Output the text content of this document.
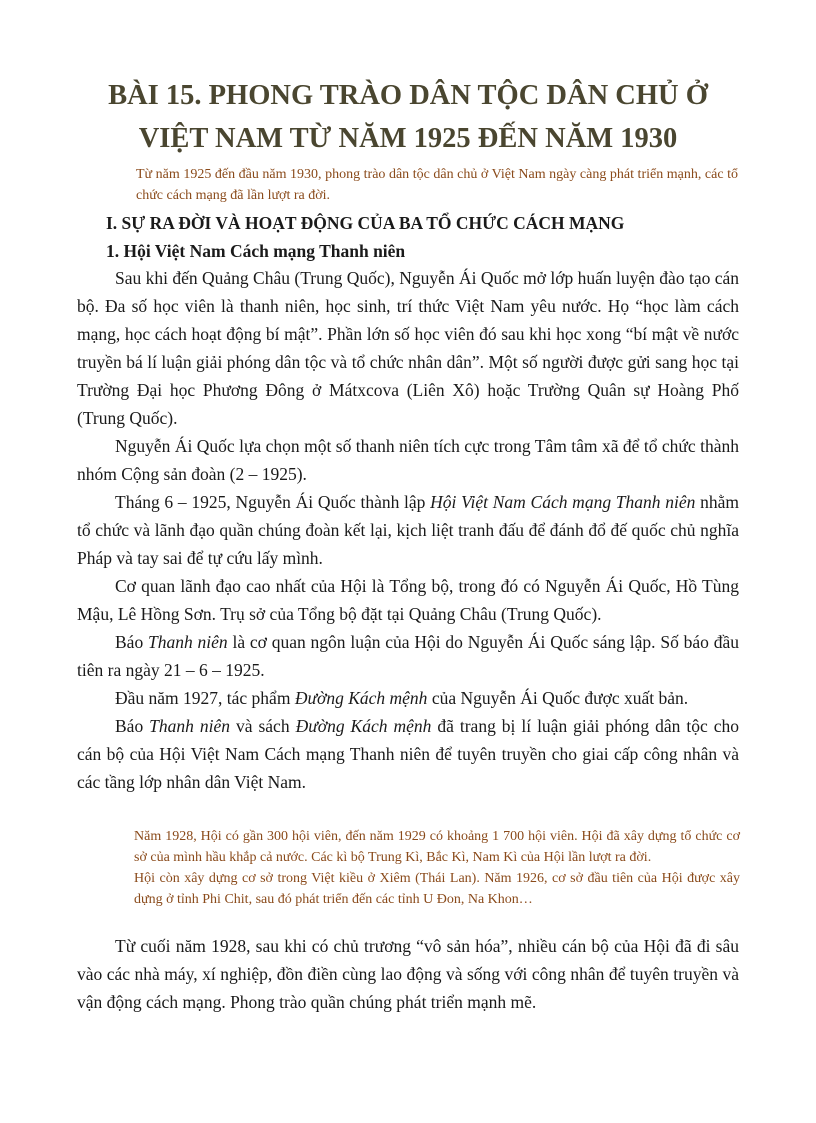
BÀI 15. PHONG TRÀO DÂN TỘC DÂN CHỦ Ở
VIỆT NAM TỪ NĂM 1925 ĐẾN NĂM 1930

Từ năm 1925 đến đầu năm 1930, phong trào dân tộc dân chủ ở Việt Nam ngày càng phát triển mạnh, các tổ chức cách mạng đã lần lượt ra đời.

I. SỰ RA ĐỜI VÀ HOẠT ĐỘNG CỦA BA TỔ CHỨC CÁCH MẠNG
1. Hội Việt Nam Cách mạng Thanh niên

Sau khi đến Quảng Châu (Trung Quốc), Nguyễn Ái Quốc mở lớp huấn luyện đào tạo cán bộ. Đa số học viên là thanh niên, học sinh, trí thức Việt Nam yêu nước. Họ “học làm cách mạng, học cách hoạt động bí mật”. Phần lớn số học viên đó sau khi học xong “bí mật về nước truyền bá lí luận giải phóng dân tộc và tổ chức nhân dân”. Một số người được gửi sang học tại Trường Đại học Phương Đông ở Mátxcova (Liên Xô) hoặc Trường Quân sự Hoàng Phố (Trung Quốc).

Nguyễn Ái Quốc lựa chọn một số thanh niên tích cực trong Tâm tâm xã để tổ chức thành nhóm Cộng sản đoàn (2 – 1925).

Tháng 6 – 1925, Nguyễn Ái Quốc thành lập Hội Việt Nam Cách mạng Thanh niên nhằm tổ chức và lãnh đạo quần chúng đoàn kết lại, kịch liệt tranh đấu để đánh đổ đế quốc chủ nghĩa Pháp và tay sai để tự cứu lấy mình.

Cơ quan lãnh đạo cao nhất của Hội là Tổng bộ, trong đó có Nguyễn Ái Quốc, Hồ Tùng Mậu, Lê Hồng Sơn. Trụ sở của Tổng bộ đặt tại Quảng Châu (Trung Quốc).

Báo Thanh niên là cơ quan ngôn luận của Hội do Nguyễn Ái Quốc sáng lập. Số báo đầu tiên ra ngày 21 – 6 – 1925.

Đầu năm 1927, tác phẩm Đường Kách mệnh của Nguyễn Ái Quốc được xuất bản.

Báo Thanh niên và sách Đường Kách mệnh đã trang bị lí luận giải phóng dân tộc cho cán bộ của Hội Việt Nam Cách mạng Thanh niên để tuyên truyền cho giai cấp công nhân và các tầng lớp nhân dân Việt Nam.

Năm 1928, Hội có gần 300 hội viên, đến năm 1929 có khoảng 1 700 hội viên. Hội đã xây dựng tổ chức cơ sở của mình hầu khắp cả nước. Các kì bộ Trung Kì, Bắc Kì, Nam Kì của Hội lần lượt ra đời.

Hội còn xây dựng cơ sở trong Việt kiều ở Xiêm (Thái Lan). Năm 1926, cơ sở đầu tiên của Hội được xây dựng ở tỉnh Phi Chit, sau đó phát triển đến các tỉnh U Đon, Na Khon…

Từ cuối năm 1928, sau khi có chủ trương “vô sản hóa”, nhiều cán bộ của Hội đã đi sâu vào các nhà máy, xí nghiệp, đồn điền cùng lao động và sống với công nhân để tuyên truyền và vận động cách mạng. Phong trào quần chúng phát triển mạnh mẽ.
